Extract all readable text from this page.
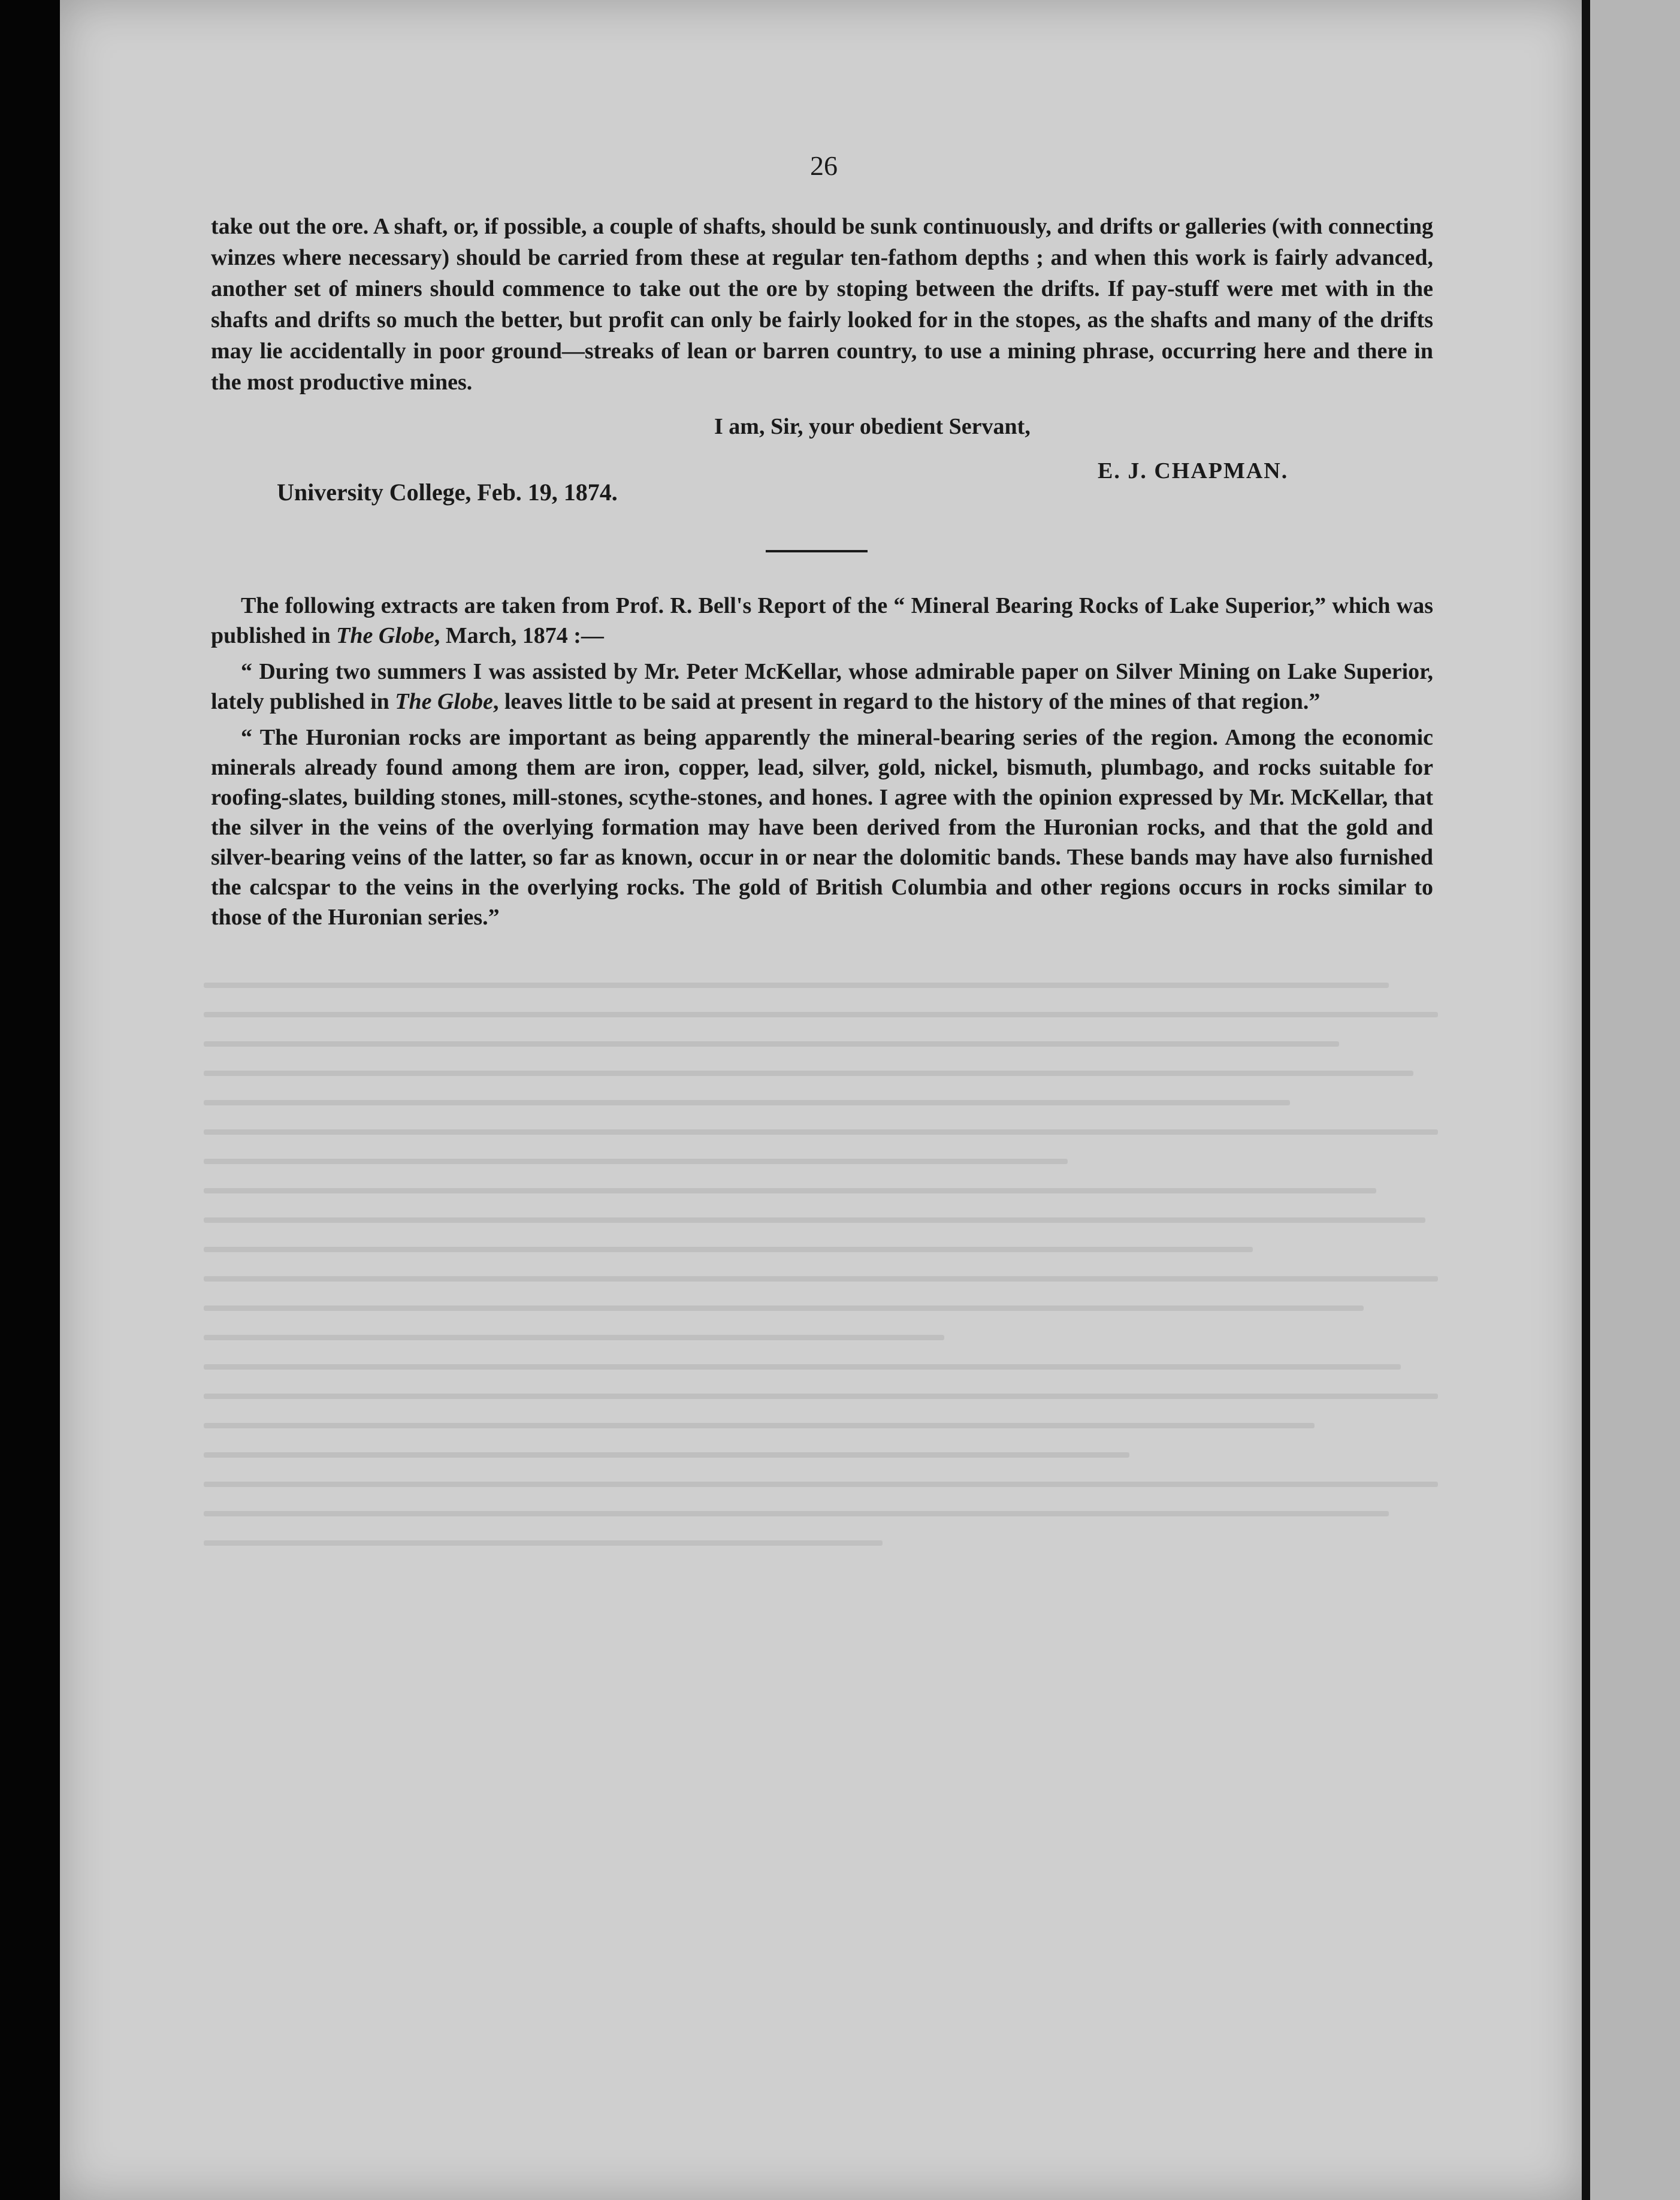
26

take out the ore. A shaft, or, if possible, a couple of shafts, should be sunk continuously, and drifts or galleries (with connecting winzes where necessary) should be carried from these at regular ten-fathom depths ; and when this work is fairly advanced, another set of miners should commence to take out the ore by stoping between the drifts. If pay-stuff were met with in the shafts and drifts so much the better, but profit can only be fairly looked for in the stopes, as the shafts and many of the drifts may lie accidentally in poor ground—streaks of lean or barren country, to use a mining phrase, occurring here and there in the most productive mines.

I am, Sir, your obedient Servant,
E. J. CHAPMAN.
University College, Feb. 19, 1874.

The following extracts are taken from Prof. R. Bell's Report of the “ Mineral Bearing Rocks of Lake Superior,” which was published in The Globe, March, 1874 :—

“ During two summers I was assisted by Mr. Peter McKellar, whose admirable paper on Silver Mining on Lake Superior, lately published in The Globe, leaves little to be said at present in regard to the history of the mines of that region.”

“ The Huronian rocks are important as being apparently the mineral-bearing series of the region. Among the economic minerals already found among them are iron, copper, lead, silver, gold, nickel, bismuth, plumbago, and rocks suitable for roofing-slates, building stones, mill-stones, scythe-stones, and hones. I agree with the opinion expressed by Mr. McKellar, that the silver in the veins of the overlying formation may have been derived from the Huronian rocks, and that the gold and silver-bearing veins of the latter, so far as known, occur in or near the dolomitic bands. These bands may have also furnished the calcspar to the veins in the overlying rocks. The gold of British Columbia and other regions occurs in rocks similar to those of the Huronian series.”
